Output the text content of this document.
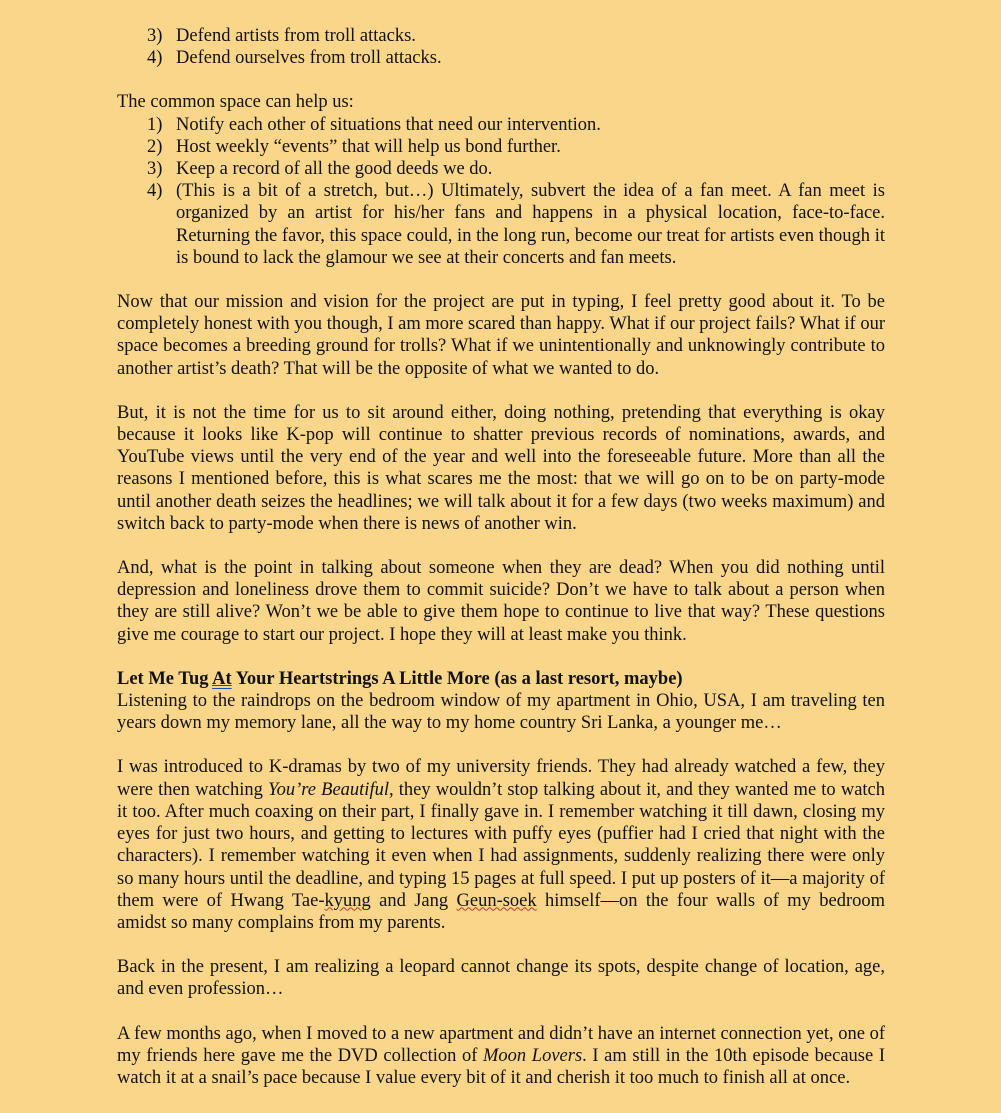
3) Defend artists from troll attacks.
4) Defend ourselves from troll attacks.

The common space can help us:

1) Notify each other of situations that need our intervention.
2) Host weekly “events” that will help us bond further.
3) Keep a record of all the good deeds we do.
4) (This is a bit of a stretch, but…) Ultimately, subvert the idea of a fan meet. A fan meet is organized by an artist for his/her fans and happens in a physical location, face-to-face. Returning the favor, this space could, in the long run, become our treat for artists even though it is bound to lack the glamour we see at their concerts and fan meets.

Now that our mission and vision for the project are put in typing, I feel pretty good about it. To be completely honest with you though, I am more scared than happy. What if our project fails? What if our space becomes a breeding ground for trolls? What if we unintentionally and unknowingly contribute to another artist’s death? That will be the opposite of what we wanted to do.

But, it is not the time for us to sit around either, doing nothing, pretending that everything is okay because it looks like K-pop will continue to shatter previous records of nominations, awards, and YouTube views until the very end of the year and well into the foreseeable future. More than all the reasons I mentioned before, this is what scares me the most: that we will go on to be on party-mode until another death seizes the headlines; we will talk about it for a few days (two weeks maximum) and switch back to party-mode when there is news of another win.

And, what is the point in talking about someone when they are dead? When you did nothing until depression and loneliness drove them to commit suicide? Don’t we have to talk about a person when they are still alive? Won’t we be able to give them hope to continue to live that way? These questions give me courage to start our project. I hope they will at least make you think.

Let Me Tug At Your Heartstrings A Little More (as a last resort, maybe)

Listening to the raindrops on the bedroom window of my apartment in Ohio, USA, I am traveling ten years down my memory lane, all the way to my home country Sri Lanka, a younger me…

I was introduced to K-dramas by two of my university friends. They had already watched a few, they were then watching You’re Beautiful, they wouldn’t stop talking about it, and they wanted me to watch it too. After much coaxing on their part, I finally gave in. I remember watching it till dawn, closing my eyes for just two hours, and getting to lectures with puffy eyes (puffier had I cried that night with the characters). I remember watching it even when I had assignments, suddenly realizing there were only so many hours until the deadline, and typing 15 pages at full speed. I put up posters of it—a majority of them were of Hwang Tae-kyung and Jang Geun-soek himself—on the four walls of my bedroom amidst so many complains from my parents.

Back in the present, I am realizing a leopard cannot change its spots, despite change of location, age, and even profession…

A few months ago, when I moved to a new apartment and didn’t have an internet connection yet, one of my friends here gave me the DVD collection of Moon Lovers. I am still in the 10th episode because I watch it at a snail’s pace because I value every bit of it and cherish it too much to finish all at once.
